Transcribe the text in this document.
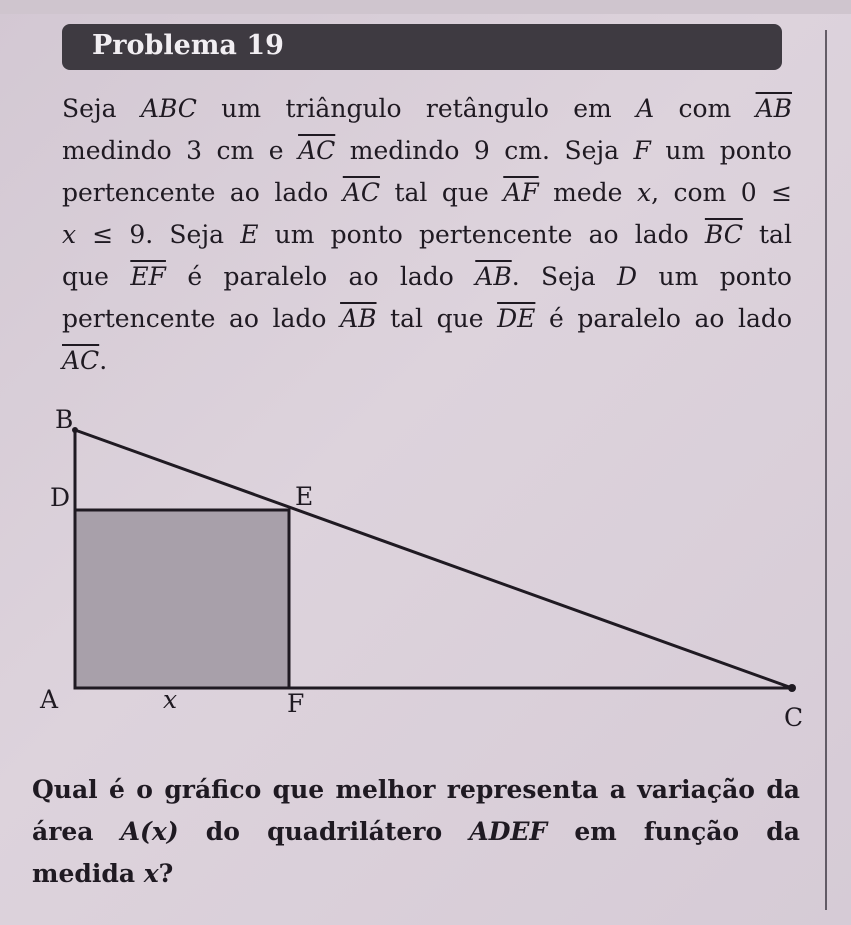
Problema 19
Seja ABC um triângulo retângulo em A com $\overline{AB}$
medindo 3 cm e $\overline{AC}$ medindo 9 cm. Seja F um ponto
pertencente ao lado $\overline{AC}$ tal que $\overline{AF}$ mede x, com 0 ≤
x ≤ 9. Seja E um ponto pertencente ao lado $\overline{BC}$ tal
que $\overline{EF}$ é paralelo ao lado $\overline{AB}$. Seja D um ponto
pertencente ao lado $\overline{AB}$ tal que $\overline{DE}$ é paralelo ao lado
$\overline{AC}$.
B
D	E
A	x	F	C
Qual é o gráfico que melhor representa a variação da
área A(x) do quadrilátero ADEF em função da
medida x?
